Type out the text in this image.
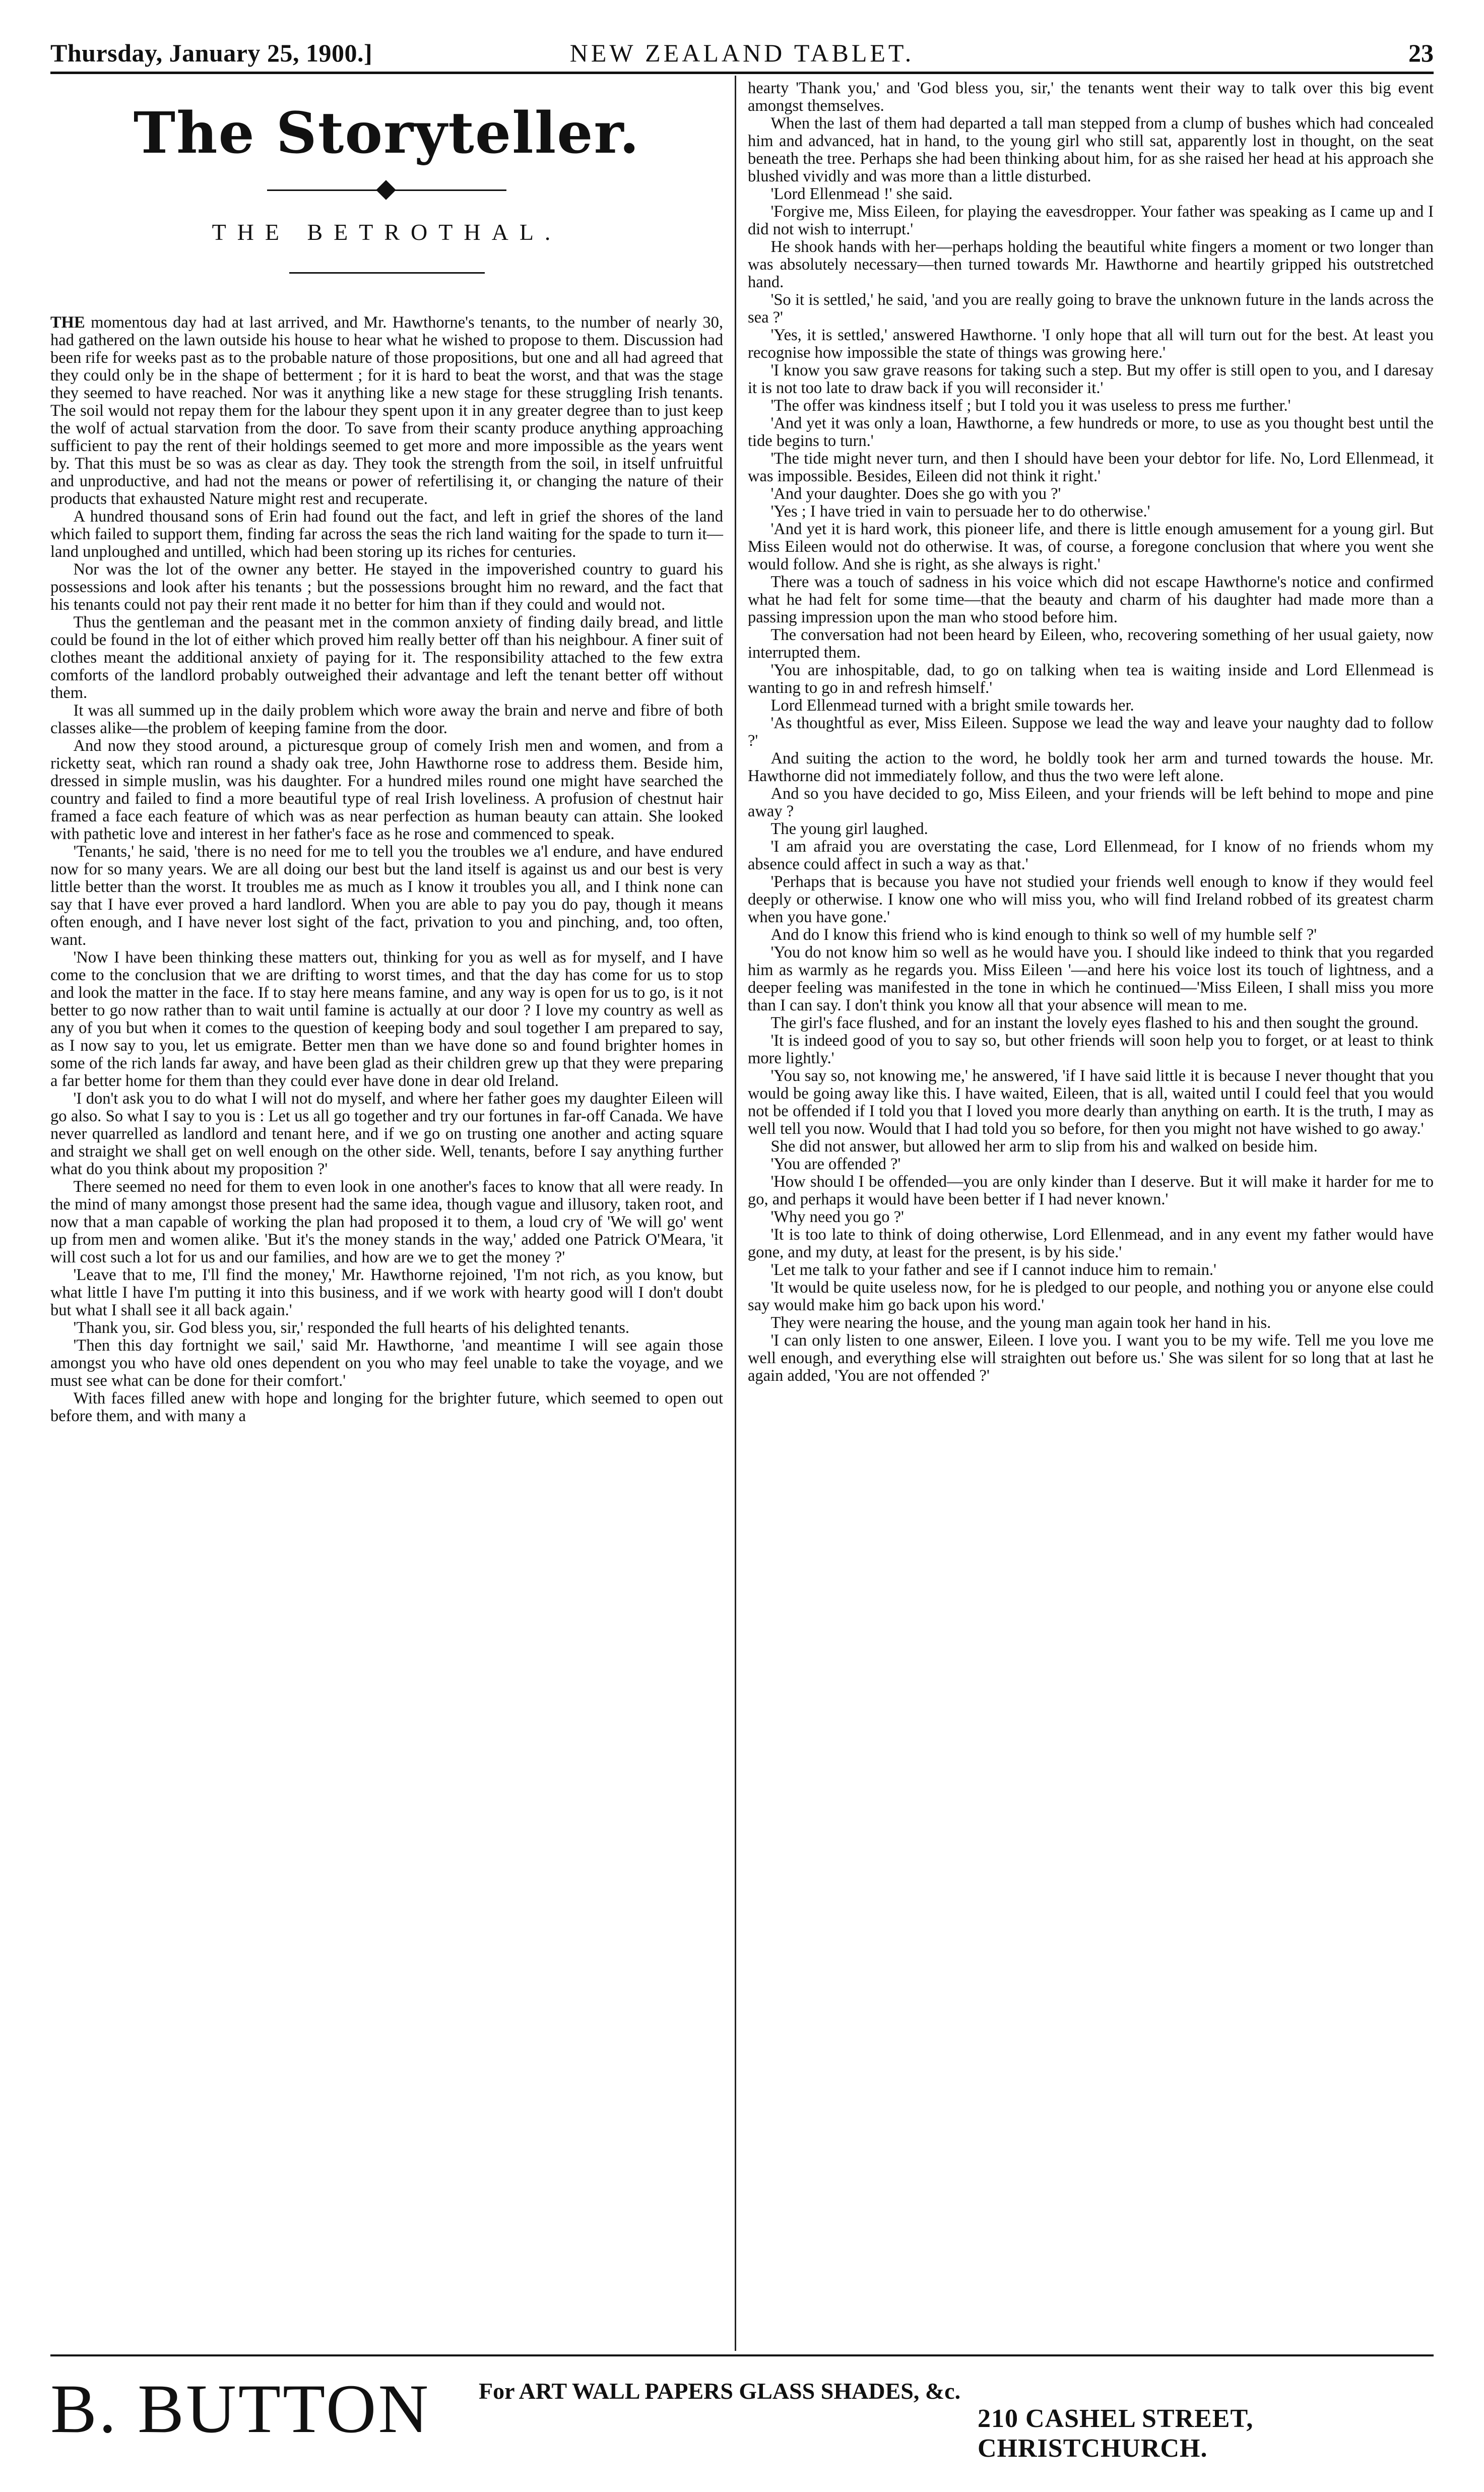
Thursday, January 25, 1900.]	NEW ZEALAND TABLET.	23
The Storyteller.
THE BETROTHAL.

THE momentous day had at last arrived, and Mr. Hawthorne's tenants, to the number of nearly 30, had gathered on the lawn outside his house to hear what he wished to propose to them. Discussion had been rife for weeks past as to the probable nature of those propositions, but one and all had agreed that they could only be in the shape of betterment ; for it is hard to beat the worst, and that was the stage they seemed to have reached. Nor was it anything like a new stage for these struggling Irish tenants. The soil would not repay them for the labour they spent upon it in any greater degree than to just keep the wolf of actual starvation from the door. To save from their scanty produce anything approaching sufficient to pay the rent of their holdings seemed to get more and more impossible as the years went by. That this must be so was as clear as day. They took the strength from the soil, in itself unfruitful and unproductive, and had not the means or power of refertilising it, or changing the nature of their products that exhausted Nature might rest and recuperate.

A hundred thousand sons of Erin had found out the fact, and left in grief the shores of the land which failed to support them, finding far across the seas the rich land waiting for the spade to turn it—land unploughed and untilled, which had been storing up its riches for centuries.

Nor was the lot of the owner any better. He stayed in the impoverished country to guard his possessions and look after his tenants ; but the possessions brought him no reward, and the fact that his tenants could not pay their rent made it no better for him than if they could and would not.

Thus the gentleman and the peasant met in the common anxiety of finding daily bread, and little could be found in the lot of either which proved him really better off than his neighbour. A finer suit of clothes meant the additional anxiety of paying for it. The responsibility attached to the few extra comforts of the landlord probably outweighed their advantage and left the tenant better off without them.

It was all summed up in the daily problem which wore away the brain and nerve and fibre of both classes alike—the problem of keeping famine from the door.

And now they stood around, a picturesque group of comely Irish men and women, and from a ricketty seat, which ran round a shady oak tree, John Hawthorne rose to address them. Beside him, dressed in simple muslin, was his daughter. For a hundred miles round one might have searched the country and failed to find a more beautiful type of real Irish loveliness. A profusion of chestnut hair framed a face each feature of which was as near perfection as human beauty can attain. She looked with pathetic love and interest in her father's face as he rose and commenced to speak.

'Tenants,' he said, 'there is no need for me to tell you the troubles we a'l endure, and have endured now for so many years. We are all doing our best but the land itself is against us and our best is very little better than the worst. It troubles me as much as I know it troubles you all, and I think none can say that I have ever proved a hard landlord. When you are able to pay you do pay, though it means often enough, and I have never lost sight of the fact, privation to you and pinching, and, too often, want.

'Now I have been thinking these matters out, thinking for you as well as for myself, and I have come to the conclusion that we are drifting to worst times, and that the day has come for us to stop and look the matter in the face. If to stay here means famine, and any way is open for us to go, is it not better to go now rather than to wait until famine is actually at our door ? I love my country as well as any of you but when it comes to the question of keeping body and soul together I am prepared to say, as I now say to you, let us emigrate. Better men than we have done so and found brighter homes in some of the rich lands far away, and have been glad as their children grew up that they were preparing a far better home for them than they could ever have done in dear old Ireland.

'I don't ask you to do what I will not do myself, and where her father goes my daughter Eileen will go also. So what I say to you is : Let us all go together and try our fortunes in far-off Canada. We have never quarrelled as landlord and tenant here, and if we go on trusting one another and acting square and straight we shall get on well enough on the other side. Well, tenants, before I say anything further what do you think about my proposition ?'

There seemed no need for them to even look in one another's faces to know that all were ready. In the mind of many amongst those present had the same idea, though vague and illusory, taken root, and now that a man capable of working the plan had proposed it to them, a loud cry of 'We will go' went up from men and women alike. 'But it's the money stands in the way,' added one Patrick O'Meara, 'it will cost such a lot for us and our families, and how are we to get the money ?'

'Leave that to me, I'll find the money,' Mr. Hawthorne rejoined, 'I'm not rich, as you know, but what little I have I'm putting it into this business, and if we work with hearty good will I don't doubt but what I shall see it all back again.'

'Thank you, sir. God bless you, sir,' responded the full hearts of his delighted tenants.

'Then this day fortnight we sail,' said Mr. Hawthorne, 'and meantime I will see again those amongst you who have old ones dependent on you who may feel unable to take the voyage, and we must see what can be done for their comfort.'

With faces filled anew with hope and longing for the brighter future, which seemed to open out before them, and with many a

hearty 'Thank you,' and 'God bless you, sir,' the tenants went their way to talk over this big event amongst themselves.

When the last of them had departed a tall man stepped from a clump of bushes which had concealed him and advanced, hat in hand, to the young girl who still sat, apparently lost in thought, on the seat beneath the tree. Perhaps she had been thinking about him, for as she raised her head at his approach she blushed vividly and was more than a little disturbed.

'Lord Ellenmead !' she said.

'Forgive me, Miss Eileen, for playing the eavesdropper. Your father was speaking as I came up and I did not wish to interrupt.'

He shook hands with her—perhaps holding the beautiful white fingers a moment or two longer than was absolutely necessary—then turned towards Mr. Hawthorne and heartily gripped his outstretched hand.

'So it is settled,' he said, 'and you are really going to brave the unknown future in the lands across the sea ?'

'Yes, it is settled,' answered Hawthorne. 'I only hope that all will turn out for the best. At least you recognise how impossible the state of things was growing here.'

'I know you saw grave reasons for taking such a step. But my offer is still open to you, and I daresay it is not too late to draw back if you will reconsider it.'

'The offer was kindness itself ; but I told you it was useless to press me further.'

'And yet it was only a loan, Hawthorne, a few hundreds or more, to use as you thought best until the tide begins to turn.'

'The tide might never turn, and then I should have been your debtor for life. No, Lord Ellenmead, it was impossible. Besides, Eileen did not think it right.'

'And your daughter. Does she go with you ?'

'Yes ; I have tried in vain to persuade her to do otherwise.'

'And yet it is hard work, this pioneer life, and there is little enough amusement for a young girl. But Miss Eileen would not do otherwise. It was, of course, a foregone conclusion that where you went she would follow. And she is right, as she always is right.'

There was a touch of sadness in his voice which did not escape Hawthorne's notice and confirmed what he had felt for some time—that the beauty and charm of his daughter had made more than a passing impression upon the man who stood before him.

The conversation had not been heard by Eileen, who, recovering something of her usual gaiety, now interrupted them.

'You are inhospitable, dad, to go on talking when tea is waiting inside and Lord Ellenmead is wanting to go in and refresh himself.'

Lord Ellenmead turned with a bright smile towards her.

'As thoughtful as ever, Miss Eileen. Suppose we lead the way and leave your naughty dad to follow ?'

And suiting the action to the word, he boldly took her arm and turned towards the house. Mr. Hawthorne did not immediately follow, and thus the two were left alone.

And so you have decided to go, Miss Eileen, and your friends will be left behind to mope and pine away ?

The young girl laughed.

'I am afraid you are overstating the case, Lord Ellenmead, for I know of no friends whom my absence could affect in such a way as that.'

'Perhaps that is because you have not studied your friends well enough to know if they would feel deeply or otherwise. I know one who will miss you, who will find Ireland robbed of its greatest charm when you have gone.'

And do I know this friend who is kind enough to think so well of my humble self ?'

'You do not know him so well as he would have you. I should like indeed to think that you regarded him as warmly as he regards you. Miss Eileen '—and here his voice lost its touch of lightness, and a deeper feeling was manifested in the tone in which he continued—'Miss Eileen, I shall miss you more than I can say. I don't think you know all that your absence will mean to me.

The girl's face flushed, and for an instant the lovely eyes flashed to his and then sought the ground.

'It is indeed good of you to say so, but other friends will soon help you to forget, or at least to think more lightly.'

'You say so, not knowing me,' he answered, 'if I have said little it is because I never thought that you would be going away like this. I have waited, Eileen, that is all, waited until I could feel that you would not be offended if I told you that I loved you more dearly than anything on earth. It is the truth, I may as well tell you now. Would that I had told you so before, for then you might not have wished to go away.'

She did not answer, but allowed her arm to slip from his and walked on beside him.

'You are offended ?'

'How should I be offended—you are only kinder than I deserve. But it will make it harder for me to go, and perhaps it would have been better if I had never known.'

'Why need you go ?'

'It is too late to think of doing otherwise, Lord Ellenmead, and in any event my father would have gone, and my duty, at least for the present, is by his side.'

'Let me talk to your father and see if I cannot induce him to remain.'

'It would be quite useless now, for he is pledged to our people, and nothing you or anyone else could say would make him go back upon his word.'

They were nearing the house, and the young man again took her hand in his.

'I can only listen to one answer, Eileen. I love you. I want you to be my wife. Tell me you love me well enough, and everything else will straighten out before us.' She was silent for so long that at last he again added, 'You are not offended ?'

B. BUTTON For ART WALL PAPERS GLASS SHADES, &c.
210 CASHEL STREET, CHRISTCHURCH.
